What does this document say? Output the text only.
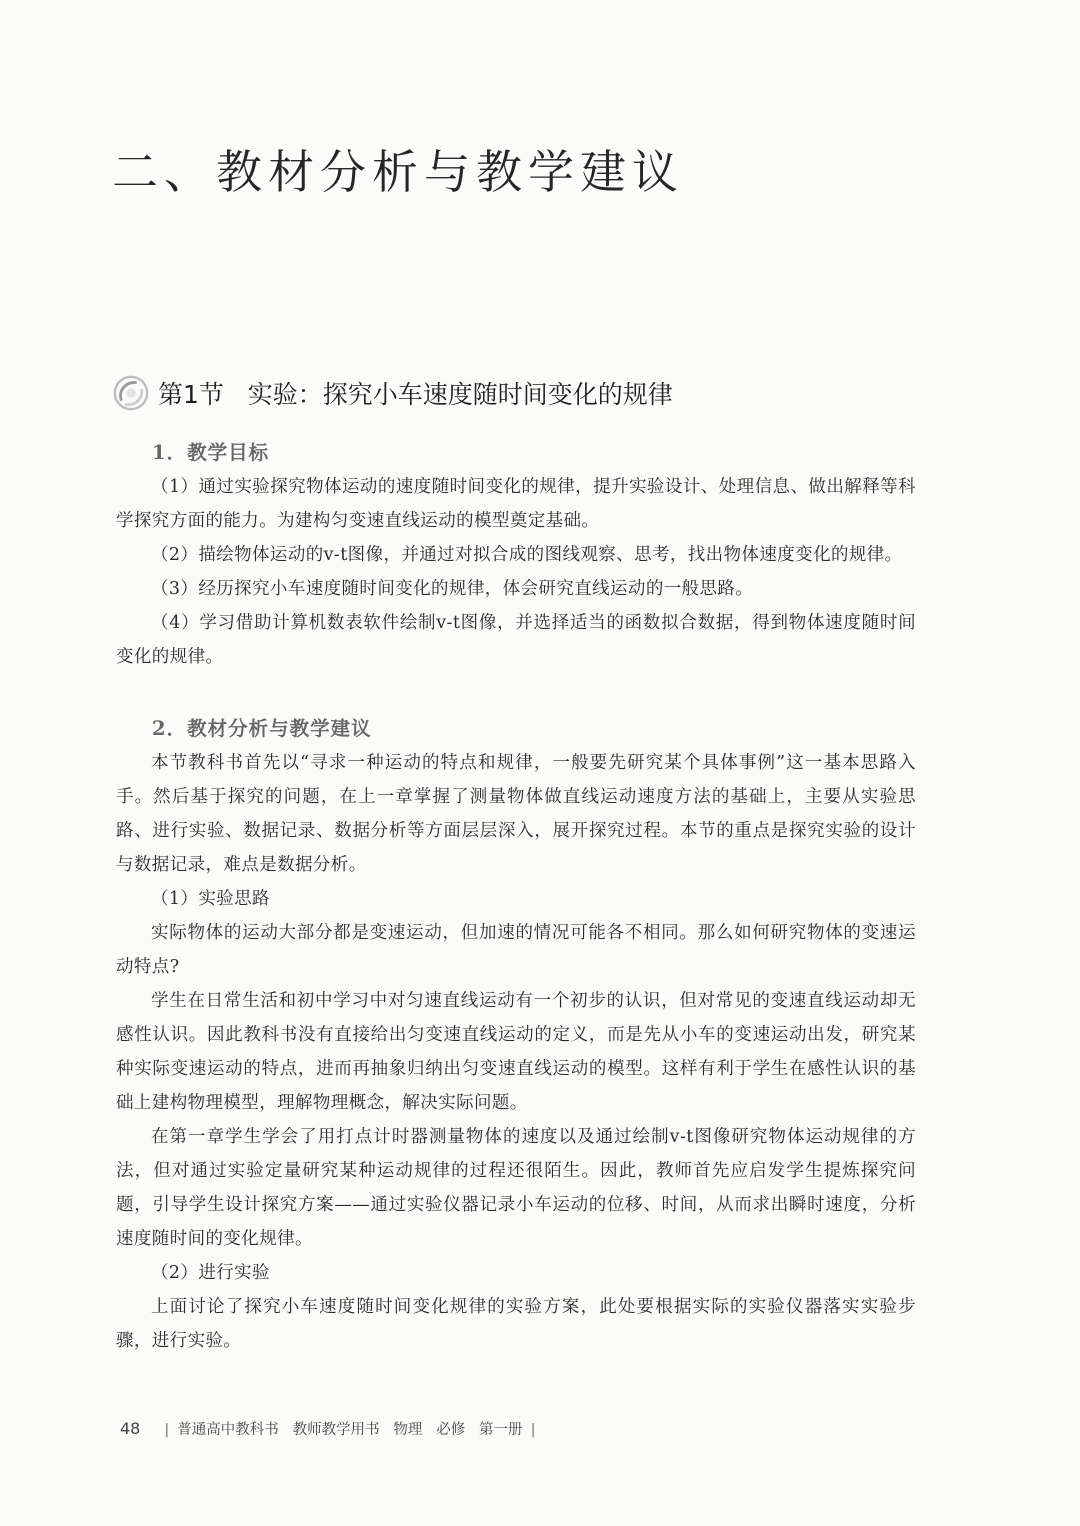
二、教材分析与教学建议
第1节   实验：探究小车速度随时间变化的规律
1．教学目标

（1）通过实验探究物体运动的速度随时间变化的规律，提升实验设计、处理信息、做出解释等科学探究方面的能力。为建构匀变速直线运动的模型奠定基础。

（2）描绘物体运动的v-t图像，并通过对拟合成的图线观察、思考，找出物体速度变化的规律。

（3）经历探究小车速度随时间变化的规律，体会研究直线运动的一般思路。

（4）学习借助计算机数表软件绘制v-t图像，并选择适当的函数拟合数据，得到物体速度随时间变化的规律。

2．教材分析与教学建议

本节教科书首先以“寻求一种运动的特点和规律，一般要先研究某个具体事例”这一基本思路入手。然后基于探究的问题，在上一章掌握了测量物体做直线运动速度方法的基础上，主要从实验思路、进行实验、数据记录、数据分析等方面层层深入，展开探究过程。本节的重点是探究实验的设计与数据记录，难点是数据分析。

（1）实验思路

实际物体的运动大部分都是变速运动，但加速的情况可能各不相同。那么如何研究物体的变速运动特点?

学生在日常生活和初中学习中对匀速直线运动有一个初步的认识，但对常见的变速直线运动却无感性认识。因此教科书没有直接给出匀变速直线运动的定义，而是先从小车的变速运动出发，研究某种实际变速运动的特点，进而再抽象归纳出匀变速直线运动的模型。这样有利于学生在感性认识的基础上建构物理模型，理解物理概念，解决实际问题。

在第一章学生学会了用打点计时器测量物体的速度以及通过绘制v-t图像研究物体运动规律的方法，但对通过实验定量研究某种运动规律的过程还很陌生。因此，教师首先应启发学生提炼探究问题，引导学生设计探究方案——通过实验仪器记录小车运动的位移、时间，从而求出瞬时速度，分析速度随时间的变化规律。

（2）进行实验

上面讨论了探究小车速度随时间变化规律的实验方案，此处要根据实际的实验仪器落实实验步骤，进行实验。

48 | 普通高中教科书   教师教学用书   物理   必修   第一册 |
